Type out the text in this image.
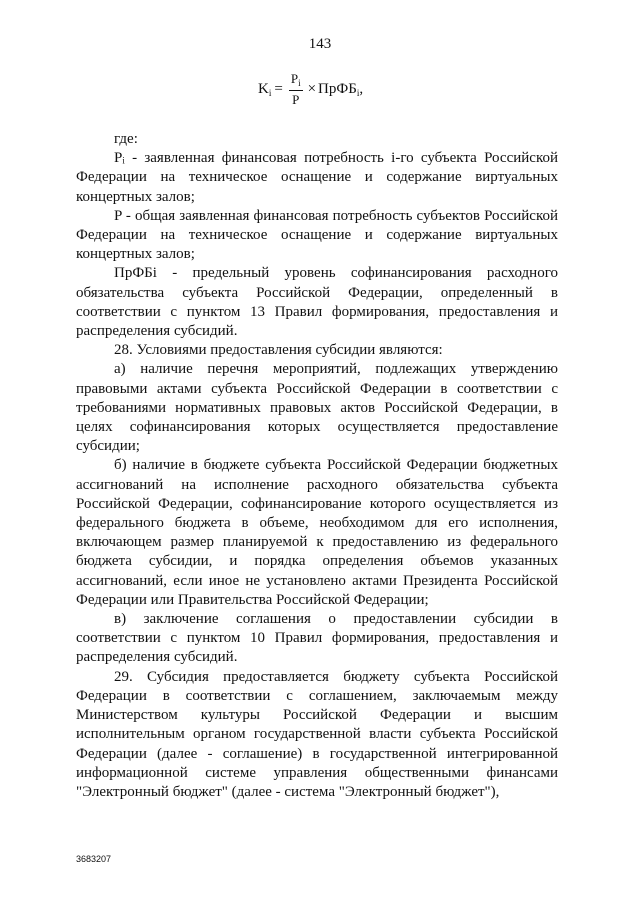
143
$K_i = \frac{P_i}{P}$ × ПрФБ$_i$ ,

где:

Pᵢ - заявленная финансовая потребность i-го субъекта Российской Федерации на техническое оснащение и содержание виртуальных концертных залов;

P - общая заявленная финансовая потребность субъектов Российской Федерации на техническое оснащение и содержание виртуальных концертных залов;

ПрФБi - предельный уровень софинансирования расходного обязательства субъекта Российской Федерации, определенный в соответствии с пунктом 13 Правил формирования, предоставления и распределения субсидий.

28. Условиями предоставления субсидии являются:

а) наличие перечня мероприятий, подлежащих утверждению правовыми актами субъекта Российской Федерации в соответствии с требованиями нормативных правовых актов Российской Федерации, в целях софинансирования которых осуществляется предоставление субсидии;

б) наличие в бюджете субъекта Российской Федерации бюджетных ассигнований на исполнение расходного обязательства субъекта Российской Федерации, софинансирование которого осуществляется из федерального бюджета в объеме, необходимом для его исполнения, включающем размер планируемой к предоставлению из федерального бюджета субсидии, и порядка определения объемов указанных ассигнований, если иное не установлено актами Президента Российской Федерации или Правительства Российской Федерации;

в) заключение соглашения о предоставлении субсидии в соответствии с пунктом 10 Правил формирования, предоставления и распределения субсидий.

29. Субсидия предоставляется бюджету субъекта Российской Федерации в соответствии с соглашением, заключаемым между Министерством культуры Российской Федерации и высшим исполнительным органом государственной власти субъекта Российской Федерации (далее - соглашение) в государственной интегрированной информационной системе управления общественными финансами "Электронный бюджет" (далее - система "Электронный бюджет"),

3683207
